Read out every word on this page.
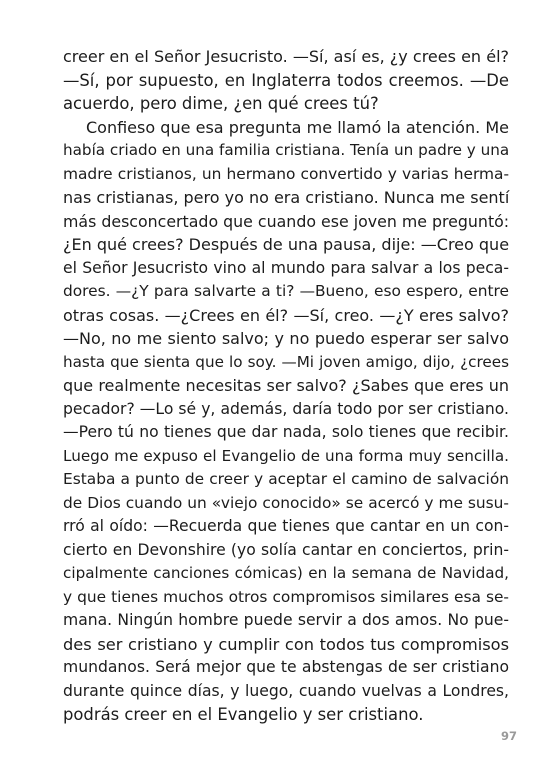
creer en el Señor Jesucristo. —Sí, así es, ¿y crees en él?
—Sí, por supuesto, en Inglaterra todos creemos. —De
acuerdo, pero dime, ¿en qué crees tú?
Confieso que esa pregunta me llamó la atención. Me
había criado en una familia cristiana. Tenía un padre y una
madre cristianos, un hermano convertido y varias herma-
nas cristianas, pero yo no era cristiano. Nunca me sentí
más desconcertado que cuando ese joven me preguntó:
¿En qué crees? Después de una pausa, dije: —Creo que
el Señor Jesucristo vino al mundo para salvar a los peca-
dores. —¿Y para salvarte a ti? —Bueno, eso espero, entre
otras cosas. —¿Crees en él? —Sí, creo. —¿Y eres salvo?
—No, no me siento salvo; y no puedo esperar ser salvo
hasta que sienta que lo soy. —Mi joven amigo, dijo, ¿crees
que realmente necesitas ser salvo? ¿Sabes que eres un
pecador? —Lo sé y, además, daría todo por ser cristiano.
—Pero tú no tienes que dar nada, solo tienes que recibir.
Luego me expuso el Evangelio de una forma muy sencilla.
Estaba a punto de creer y aceptar el camino de salvación
de Dios cuando un «viejo conocido» se acercó y me susu-
rró al oído: —Recuerda que tienes que cantar en un con-
cierto en Devonshire (yo solía cantar en conciertos, prin-
cipalmente canciones cómicas) en la semana de Navidad,
y que tienes muchos otros compromisos similares esa se-
mana. Ningún hombre puede servir a dos amos. No pue-
des ser cristiano y cumplir con todos tus compromisos
mundanos. Será mejor que te abstengas de ser cristiano
durante quince días, y luego, cuando vuelvas a Londres,
podrás creer en el Evangelio y ser cristiano.
97
